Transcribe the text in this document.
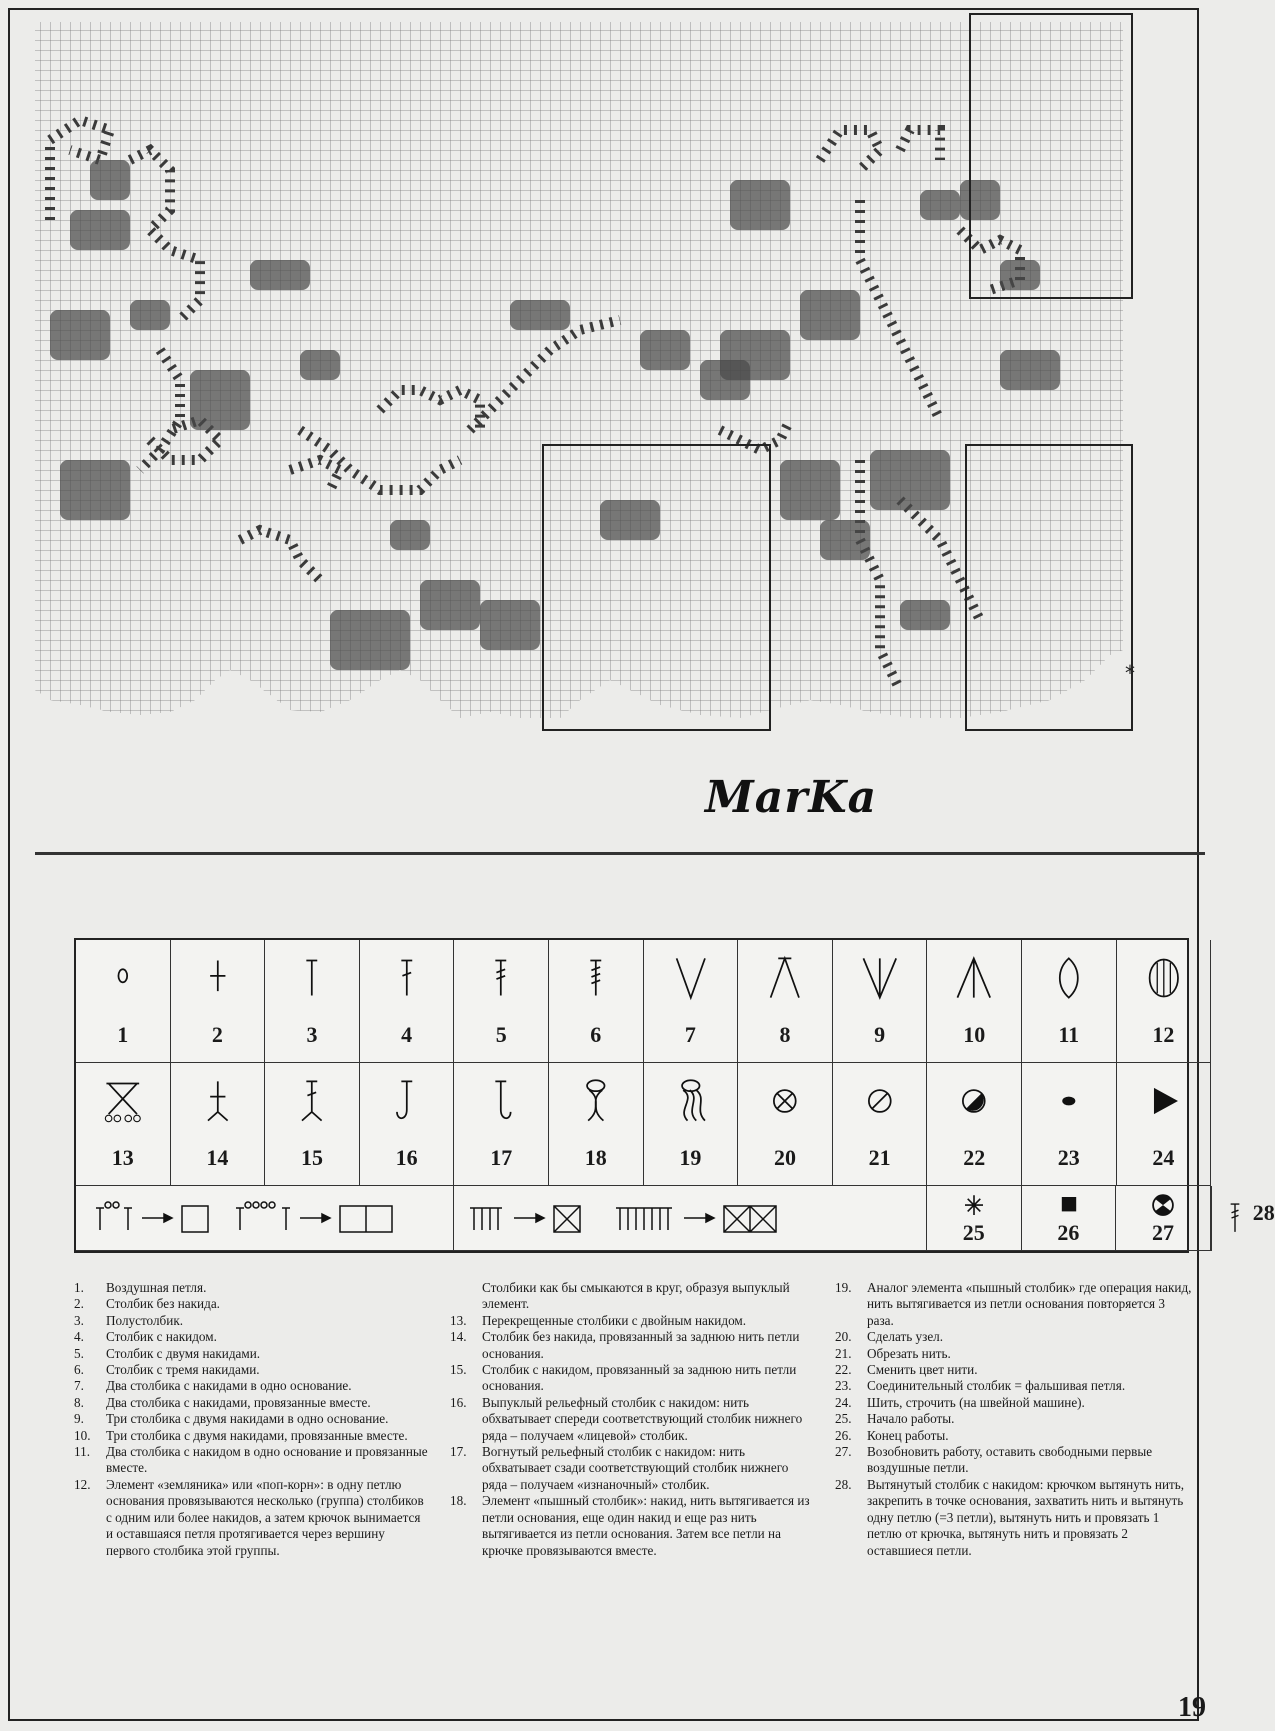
*
MarKa
1	2	3	4	5	6	7	8	9	10	11	12
13	14	15	16	17	18	19	20	21	22	23	24
25	26	27
28
1. Воздушная петля.
2. Столбик без накида.
3. Полустолбик.
4. Столбик с накидом.
5. Столбик с двумя накидами.
6. Столбик с тремя накидами.
7. Два столбика с накидами в одно основание.
8. Два столбика с накидами, провязанные вместе.
9. Три столбика с двумя накидами в одно основание.
10. Три столбика с двумя накидами, провязанные вместе.
11. Два столбика с накидом в одно основание и провязанные вместе.
12. Элемент «земляника» или «поп-корн»: в одну петлю основания провязываются несколько (группа) столбиков с одним или более накидов, а затем крючок вынимается и оставшаяся петля протягивается через вершину первого столбика этой группы.
Столбики как бы смыкаются в круг, образуя выпуклый элемент.
13. Перекрещенные столбики с двойным накидом.
14. Столбик без накида, провязанный за заднюю нить петли основания.
15. Столбик с накидом, провязанный за заднюю нить петли основания.
16. Выпуклый рельефный столбик с накидом: нить обхватывает спереди соответствующий столбик нижнего ряда – получаем «лицевой» столбик.
17. Вогнутый рельефный столбик с накидом: нить обхватывает сзади соответствующий столбик нижнего ряда – получаем «изнаночный» столбик.
18. Элемент «пышный столбик»: накид, нить вытягивается из петли основания, еще один накид и еще раз нить вытягивается из петли основания. Затем все петли на крючке провязываются вместе.
19. Аналог элемента «пышный столбик» где операция накид, нить вытягивается из петли основания повторяется 3 раза.
20. Сделать узел.
21. Обрезать нить.
22. Сменить цвет нити.
23. Соединительный столбик = фальшивая петля.
24. Шить, строчить (на швейной машине).
25. Начало работы.
26. Конец работы.
27. Возобновить работу, оставить свободными первые воздушные петли.
28. Вытянутый столбик с накидом: крючком вытянуть нить, закрепить в точке основания, захватить нить и вытянуть одну петлю (=3 петли), вытянуть нить и провязать 1 петлю от крючка, вытянуть нить и провязать 2 оставшиеся петли.
19
